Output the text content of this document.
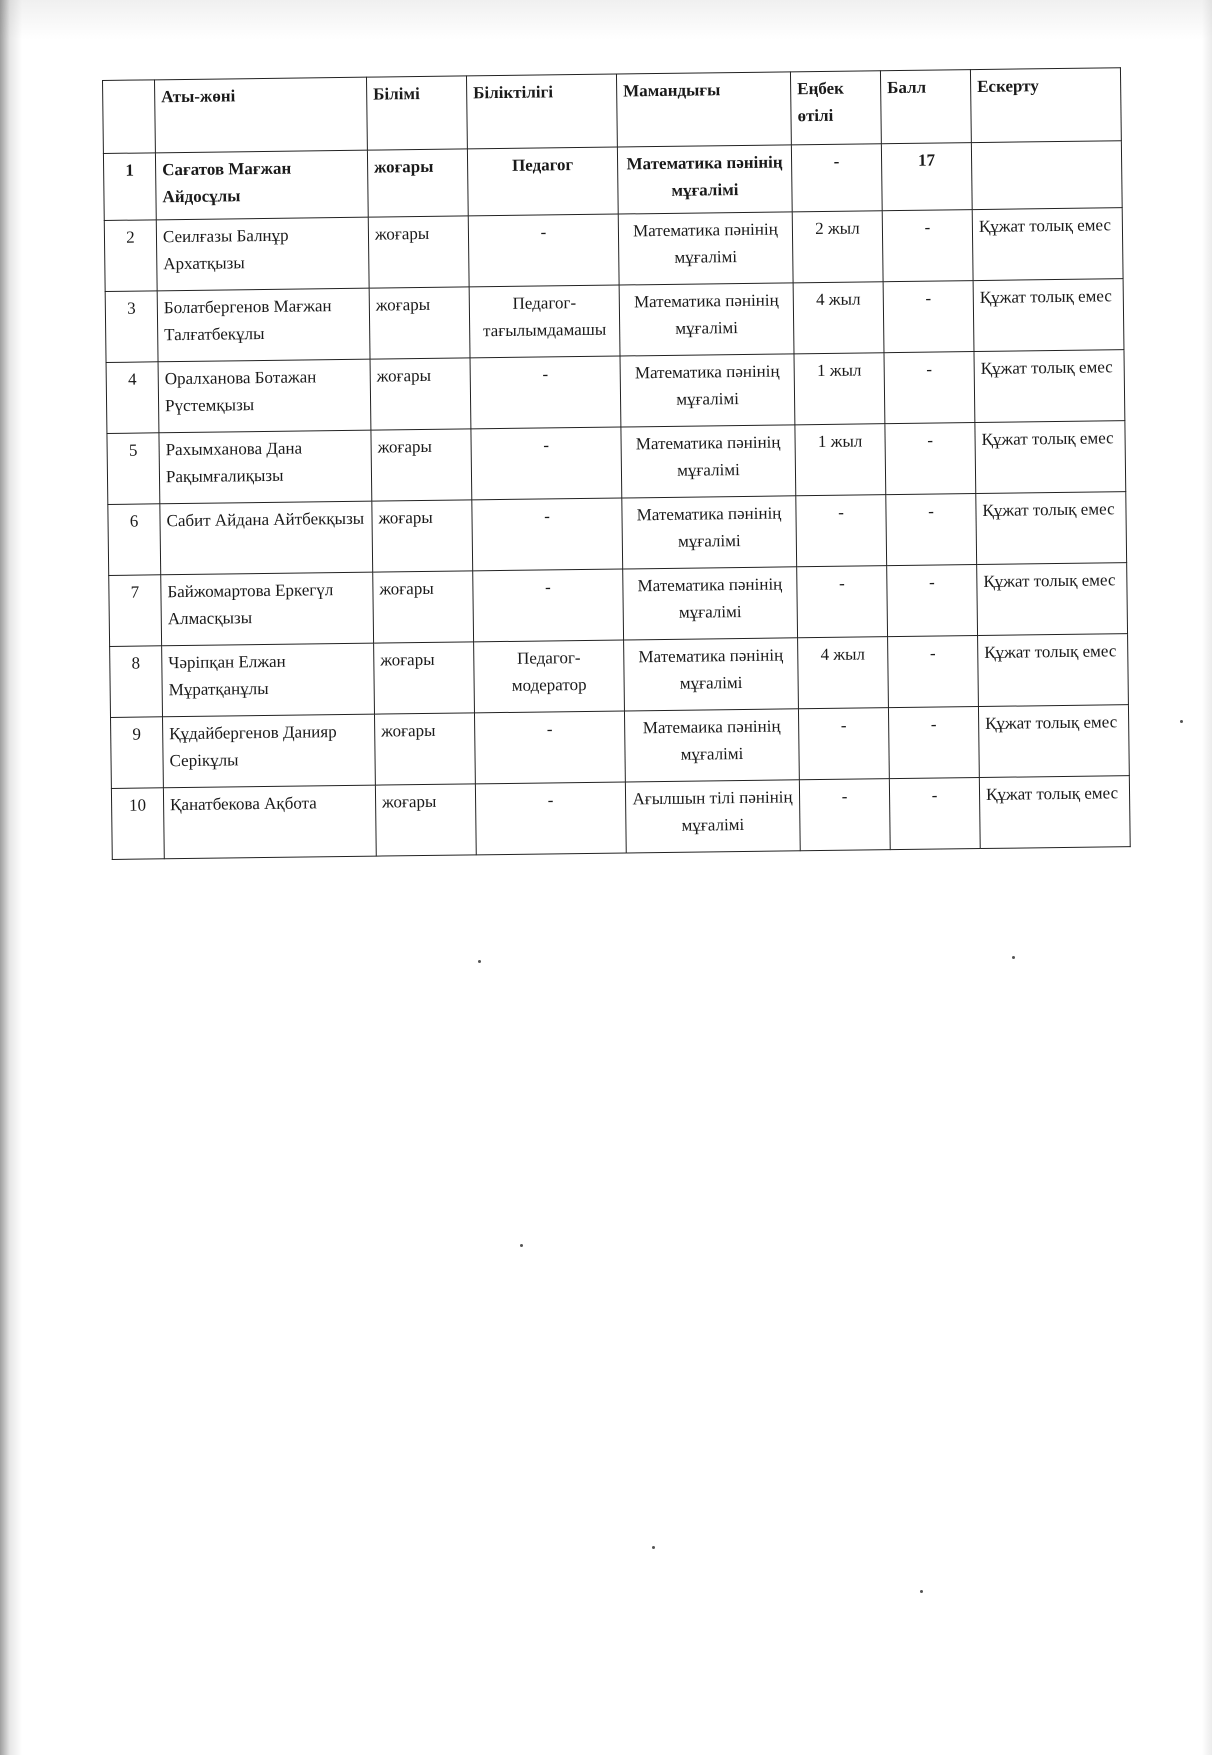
	Аты-жөні	Білімі	Біліктілігі	Мамандығы	Еңбек өтілі	Балл	Ескерту
1	Сағатов Мағжан Айдосұлы	жоғары	Педагог	Математика пәнінің мұғалімі	-	17	
2	Сеилғазы Балнұр Архатқызы	жоғары	-	Математика пәнінің мұғалімі	2 жыл	-	Құжат толық емес
3	Болатбергенов Мағжан Талғатбекұлы	жоғары	Педагог-тағылымдамашы	Математика пәнінің мұғалімі	4 жыл	-	Құжат толық емес
4	Оралханова Ботажан Рүстемқызы	жоғары	-	Математика пәнінің мұғалімі	1 жыл	-	Құжат толық емес
5	Рахымханова Дана Рақымғалиқызы	жоғары	-	Математика пәнінің мұғалімі	1 жыл	-	Құжат толық емес
6	Сабит Айдана Айтбекқызы	жоғары	-	Математика пәнінің мұғалімі	-	-	Құжат толық емес
7	Байжомартова Еркегүл Алмасқызы	жоғары	-	Математика пәнінің мұғалімі	-	-	Құжат толық емес
8	Чәріпқан Елжан Мұратқанұлы	жоғары	Педагог-модератор	Математика пәнінің мұғалімі	4 жыл	-	Құжат толық емес
9	Құдайбергенов Данияр Серікұлы	жоғары	-	Матемаика пәнінің мұғалімі	-	-	Құжат толық емес
10	Қанатбекова Ақбота	жоғары	-	Ағылшын тілі пәнінің мұғалімі	-	-	Құжат толық емес
